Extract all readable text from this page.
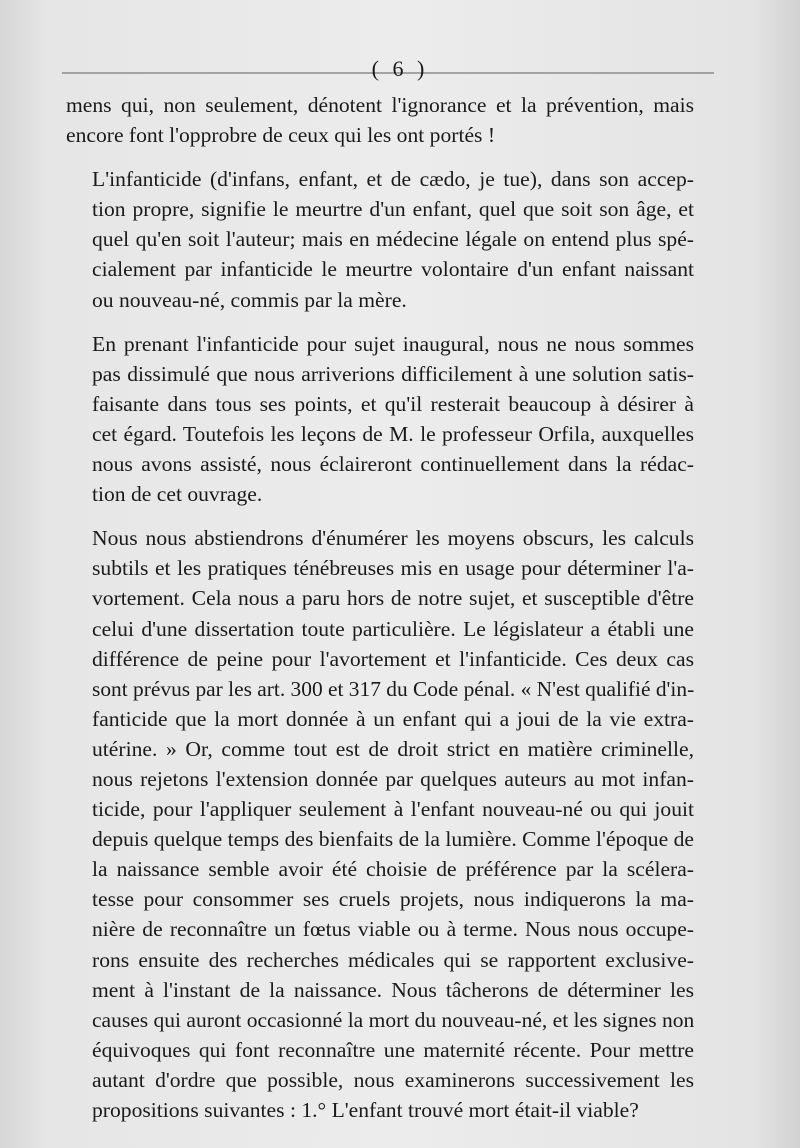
( 6 )

mens qui, non seulement, dénotent l'ignorance et la prévention, mais
encore font l'opprobre de ceux qui les ont portés !

L'infanticide (d'infans, enfant, et de cædo, je tue), dans son accep-
tion propre, signifie le meurtre d'un enfant, quel que soit son âge, et
quel qu'en soit l'auteur; mais en médecine légale on entend plus spé-
cialement par infanticide le meurtre volontaire d'un enfant naissant
ou nouveau-né, commis par la mère.

En prenant l'infanticide pour sujet inaugural, nous ne nous sommes
pas dissimulé que nous arriverions difficilement à une solution satis-
faisante dans tous ses points, et qu'il resterait beaucoup à désirer à
cet égard. Toutefois les leçons de M. le professeur Orfila, auxquelles
nous avons assisté, nous éclaireront continuellement dans la rédac-
tion de cet ouvrage.

Nous nous abstiendrons d'énumérer les moyens obscurs, les calculs
subtils et les pratiques ténébreuses mis en usage pour déterminer l'a-
vortement. Cela nous a paru hors de notre sujet, et susceptible d'être
celui d'une dissertation toute particulière. Le législateur a établi une
différence de peine pour l'avortement et l'infanticide. Ces deux cas
sont prévus par les art. 300 et 317 du Code pénal. « N'est qualifié d'in-
fanticide que la mort donnée à un enfant qui a joui de la vie extra-
utérine. » Or, comme tout est de droit strict en matière criminelle,
nous rejetons l'extension donnée par quelques auteurs au mot infan-
ticide, pour l'appliquer seulement à l'enfant nouveau-né ou qui jouit
depuis quelque temps des bienfaits de la lumière. Comme l'époque de
la naissance semble avoir été choisie de préférence par la scélera-
tesse pour consommer ses cruels projets, nous indiquerons la ma-
nière de reconnaître un fœtus viable ou à terme. Nous nous occupe-
rons ensuite des recherches médicales qui se rapportent exclusive-
ment à l'instant de la naissance. Nous tâcherons de déterminer les
causes qui auront occasionné la mort du nouveau-né, et les signes non
équivoques qui font reconnaître une maternité récente. Pour mettre
autant d'ordre que possible, nous examinerons successivement les
propositions suivantes : 1.° L'enfant trouvé mort était-il viable?
